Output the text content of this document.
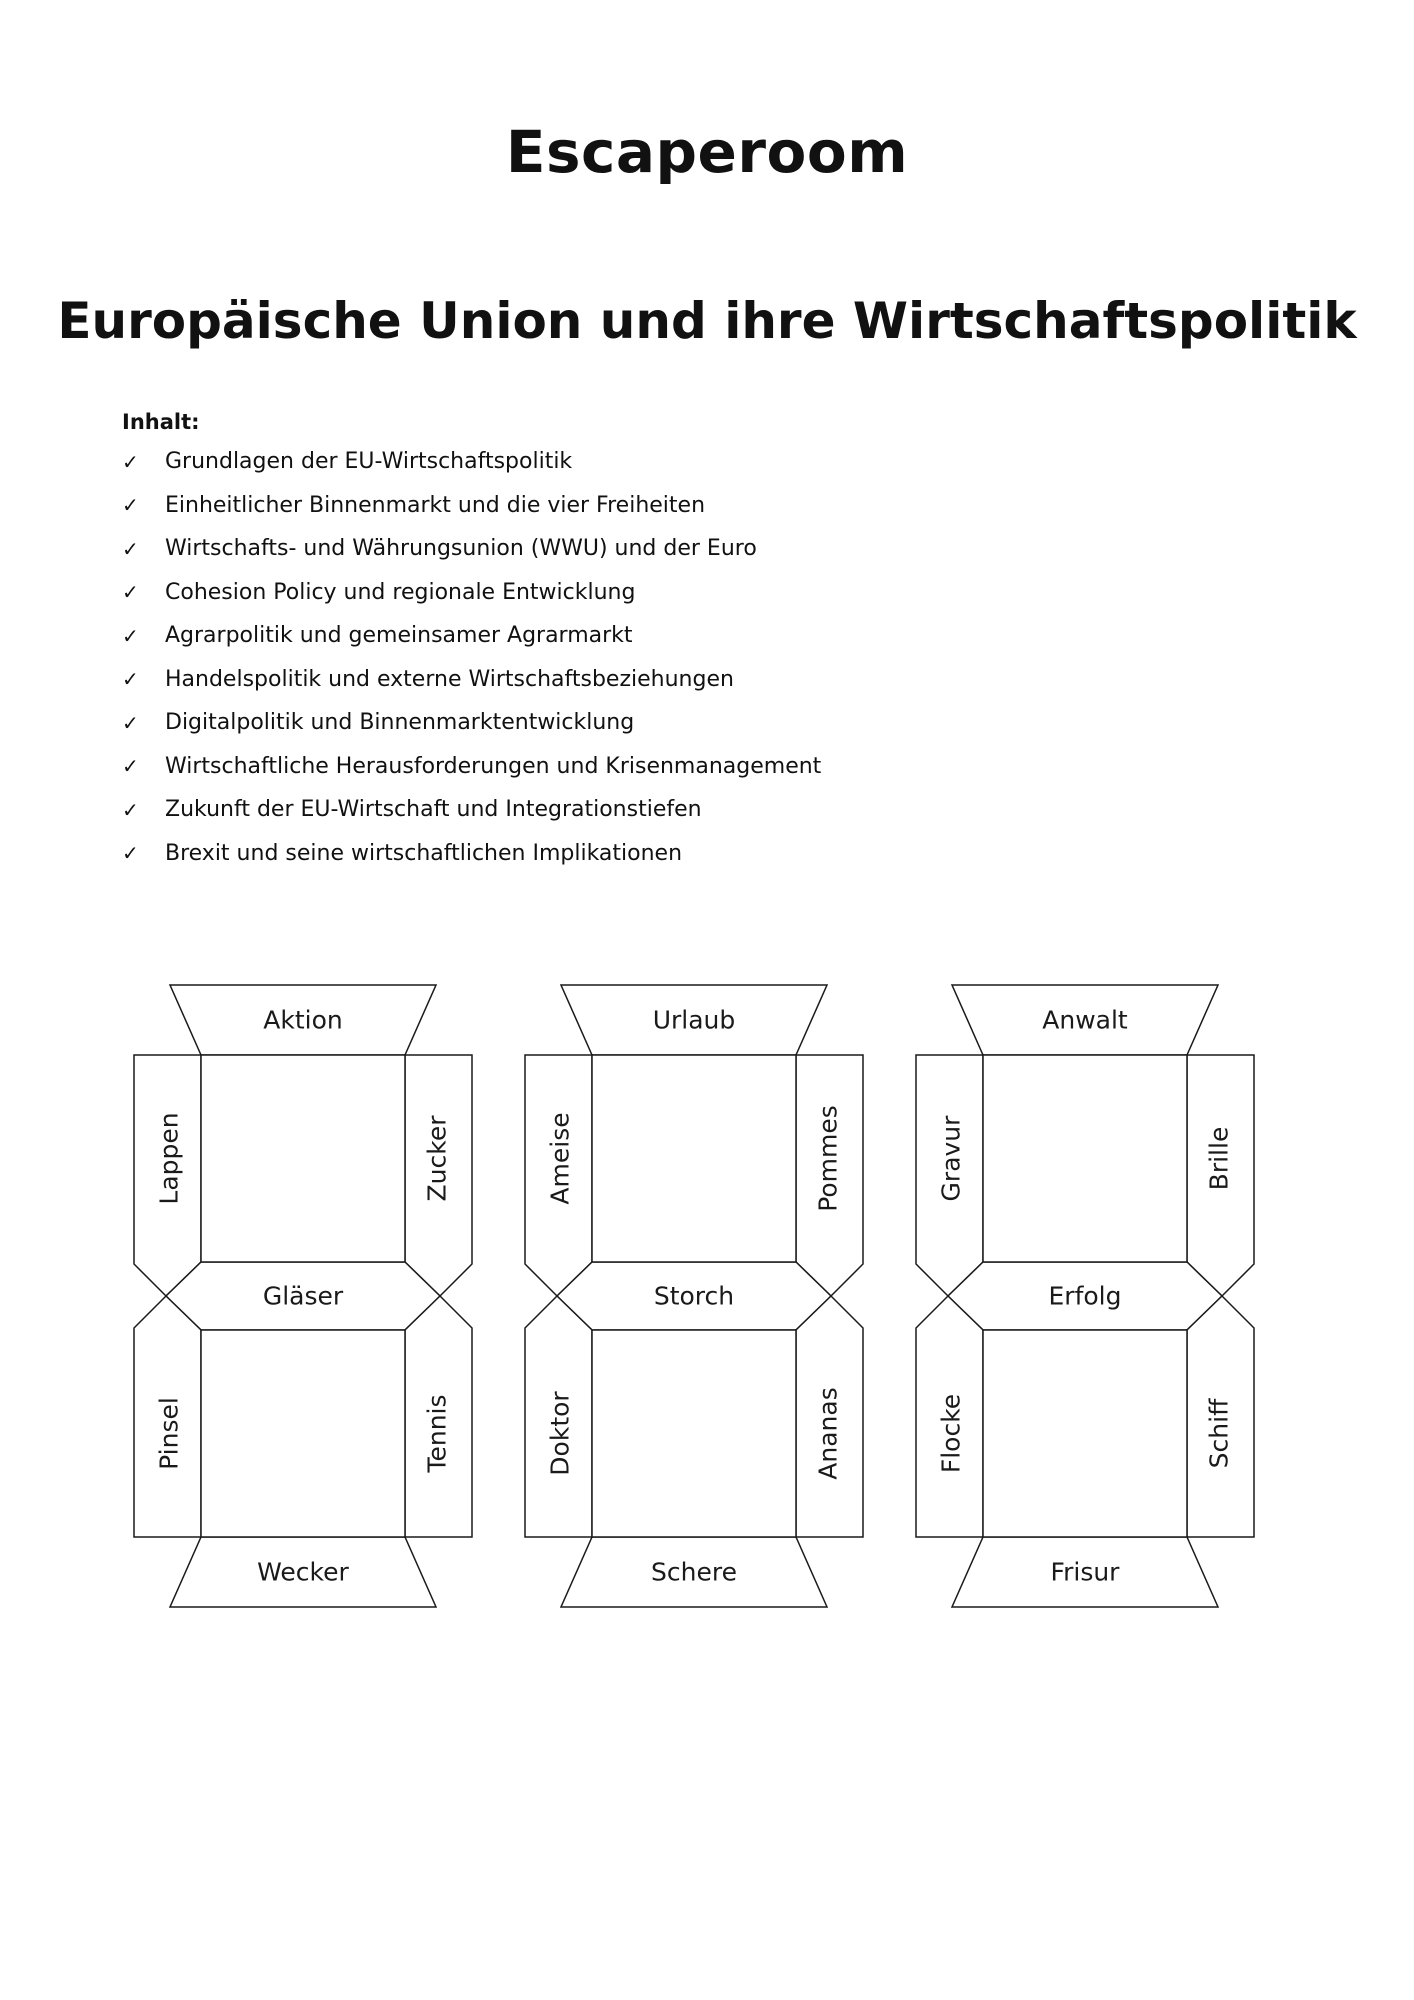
Escaperoom
Europäische Union und ihre Wirtschaftspolitik
Inhalt:
✓	Grundlagen der EU-Wirtschaftspolitik
✓	Einheitlicher Binnenmarkt und die vier Freiheiten
✓	Wirtschafts- und Währungsunion (WWU) und der Euro
✓	Cohesion Policy und regionale Entwicklung
✓	Agrarpolitik und gemeinsamer Agrarmarkt
✓	Handelspolitik und externe Wirtschaftsbeziehungen
✓	Digitalpolitik und Binnenmarktentwicklung
✓	Wirtschaftliche Herausforderungen und Krisenmanagement
✓	Zukunft der EU-Wirtschaft und Integrationstiefen
✓	Brexit und seine wirtschaftlichen Implikationen
Aktion
Lappen	Zucker
Gläser
Pinsel	Tennis
Wecker
Urlaub
Ameise	Pommes
Storch
Doktor	Ananas
Schere
Anwalt
Gravur	Brille
Erfolg
Flocke	Schiff
Frisur
